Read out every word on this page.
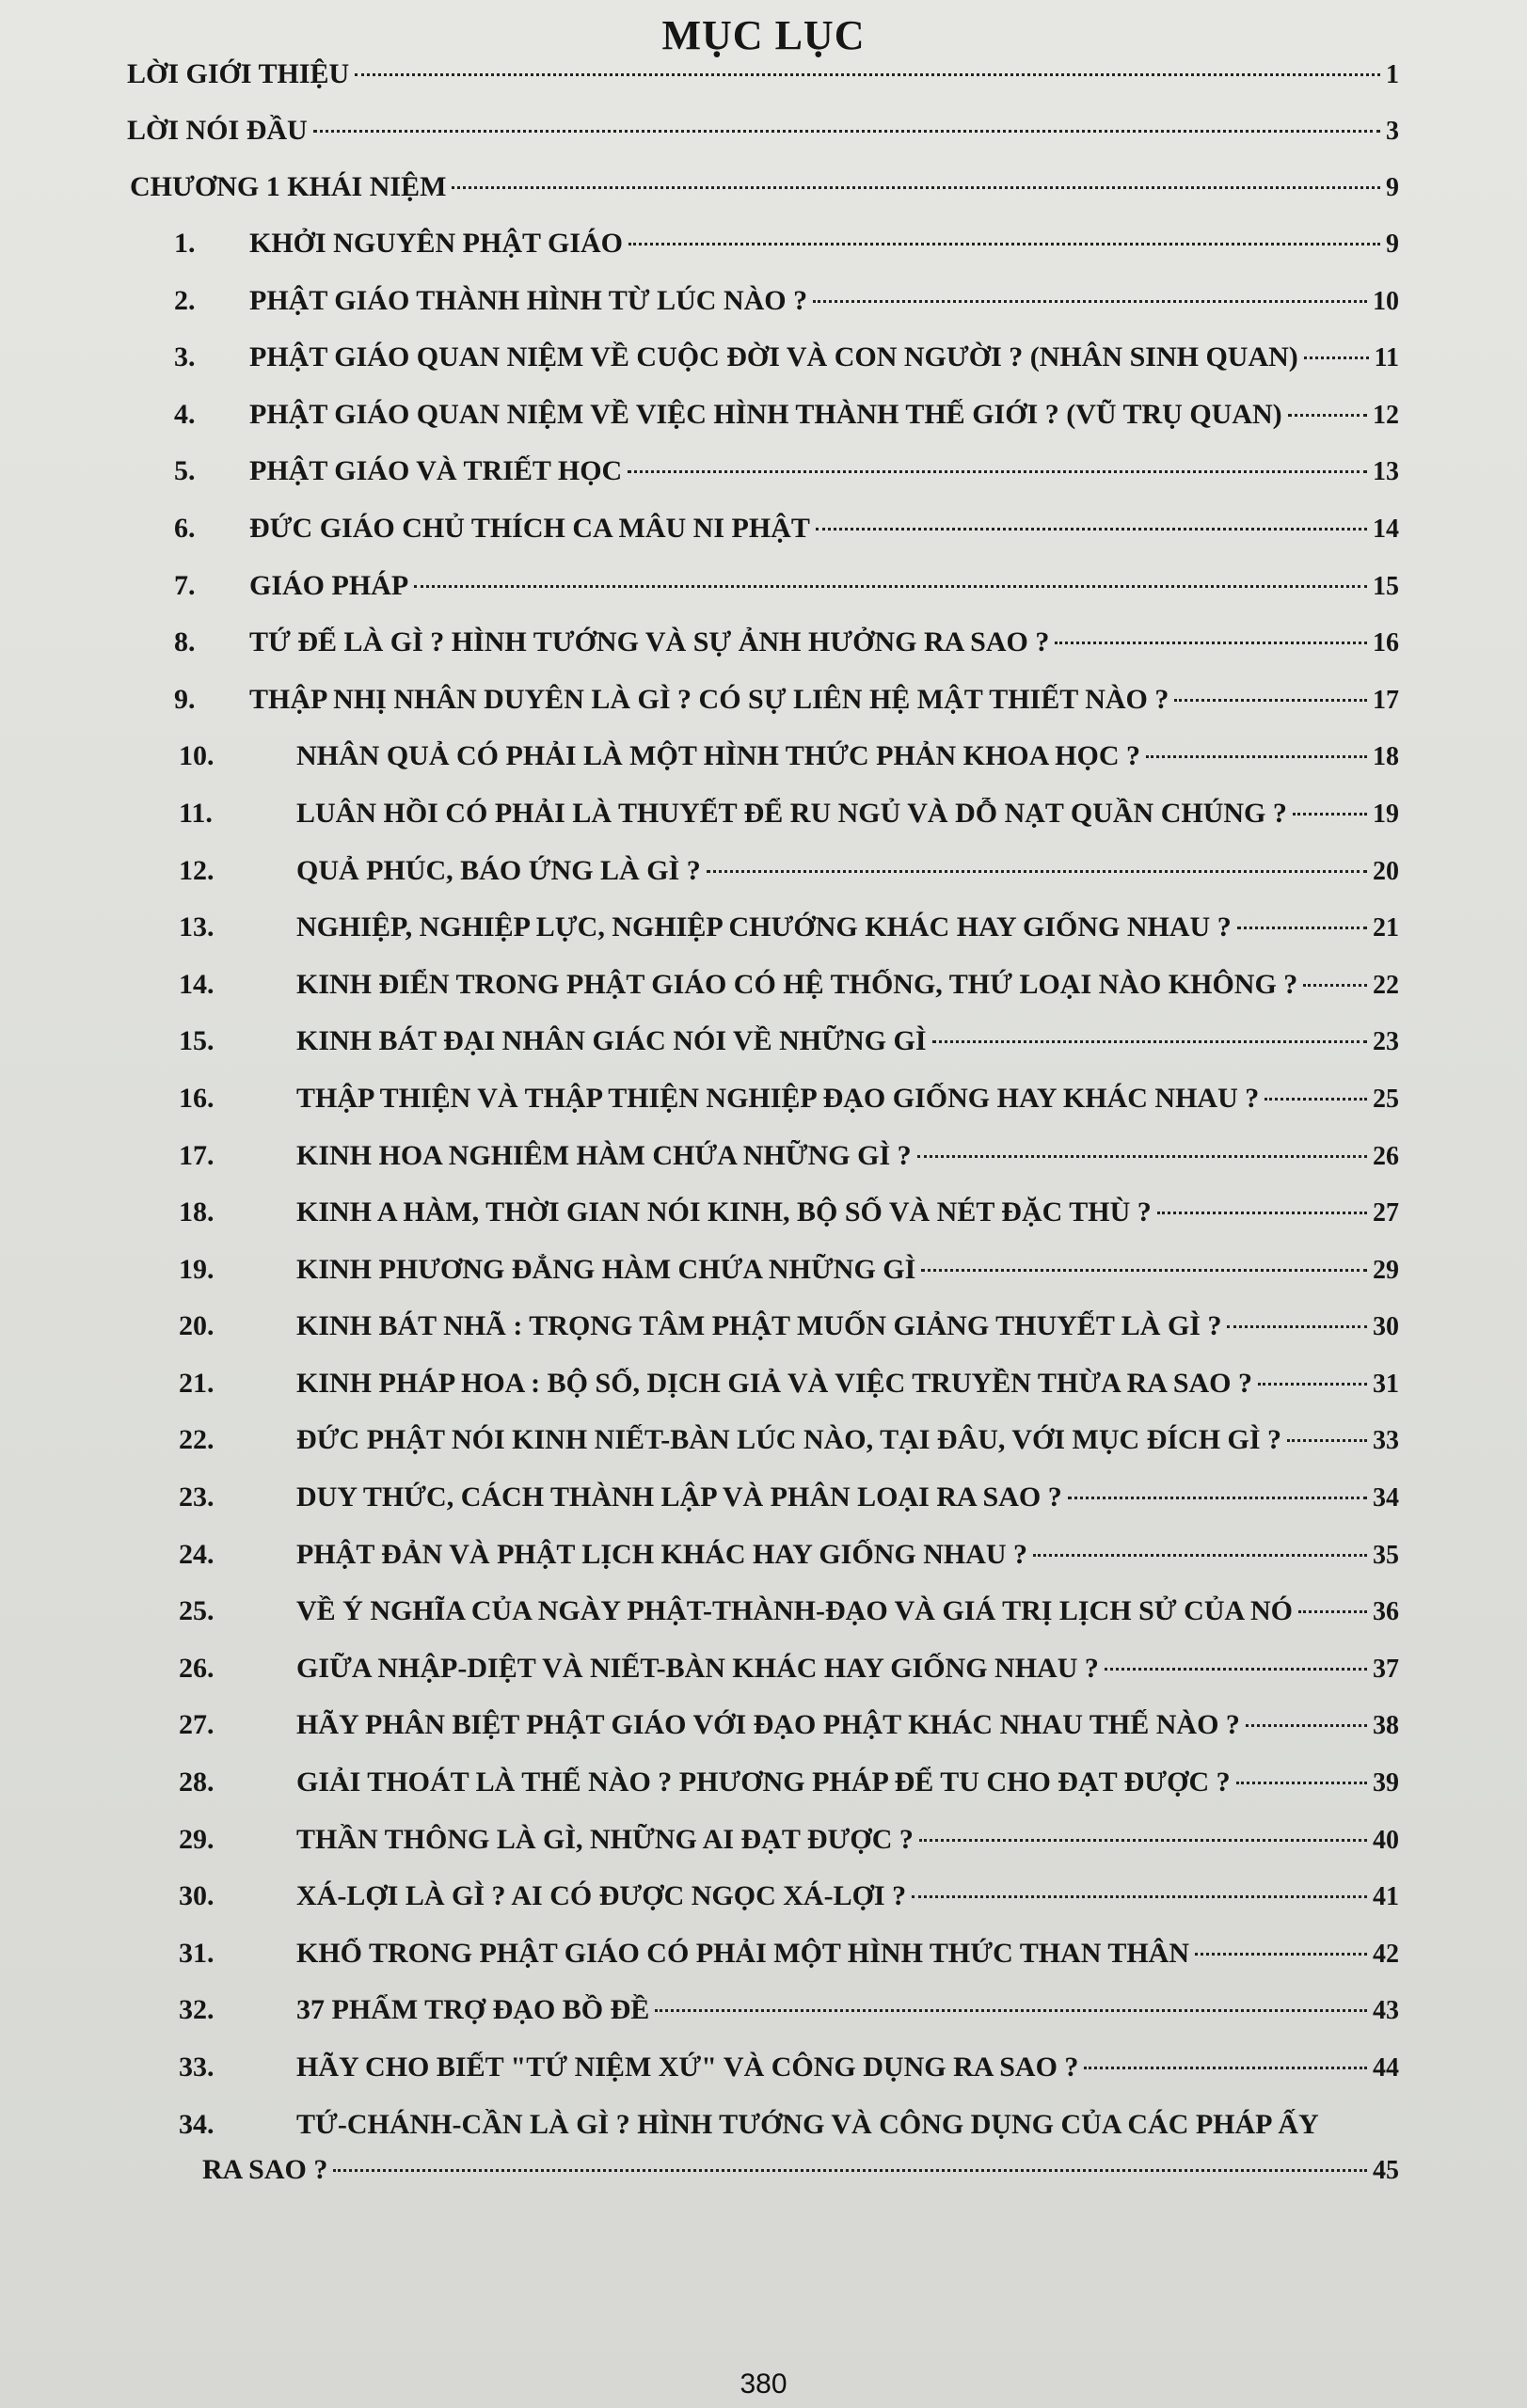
MỤC LỤC
LỜI GIỚI THIỆU	1
LỜI NÓI ĐẦU	3
CHƯƠNG 1 KHÁI NIỆM	9
1.	KHỞI NGUYÊN PHẬT GIÁO	9
2.	PHẬT GIÁO THÀNH HÌNH TỪ LÚC NÀO ?	10
3.	PHẬT GIÁO QUAN NIỆM VỀ CUỘC ĐỜI VÀ CON NGƯỜI ? (NHÂN SINH QUAN)	11
4.	PHẬT GIÁO QUAN NIỆM VỀ VIỆC HÌNH THÀNH THẾ GIỚI ? (VŨ TRỤ QUAN)	12
5.	PHẬT GIÁO VÀ TRIẾT HỌC	13
6.	ĐỨC GIÁO CHỦ THÍCH CA MÂU NI PHẬT	14
7.	GIÁO PHÁP	15
8.	TỨ ĐẾ LÀ GÌ ? HÌNH TƯỚNG VÀ SỰ ẢNH HƯỞNG RA SAO ?	16
9.	THẬP NHỊ NHÂN DUYÊN LÀ GÌ ? CÓ SỰ LIÊN HỆ MẬT THIẾT NÀO ?	17
10.	NHÂN QUẢ CÓ PHẢI LÀ MỘT HÌNH THỨC PHẢN KHOA HỌC ?	18
11.	LUÂN HỒI CÓ PHẢI LÀ THUYẾT ĐỂ RU NGỦ VÀ DỖ NẠT QUẦN CHÚNG ?	19
12.	QUẢ PHÚC, BÁO ỨNG LÀ GÌ ?	20
13.	NGHIỆP, NGHIỆP LỰC, NGHIỆP CHƯỚNG KHÁC HAY GIỐNG NHAU ?	21
14.	KINH ĐIỂN TRONG PHẬT GIÁO CÓ HỆ THỐNG, THỨ LOẠI NÀO KHÔNG ?	22
15.	KINH BÁT ĐẠI NHÂN GIÁC NÓI VỀ NHỮNG GÌ	23
16.	THẬP THIỆN VÀ THẬP THIỆN NGHIỆP ĐẠO GIỐNG HAY KHÁC NHAU ?	25
17.	KINH HOA NGHIÊM HÀM CHỨA NHỮNG GÌ ?	26
18.	KINH A HÀM, THỜI GIAN NÓI KINH, BỘ SỐ VÀ NÉT ĐẶC THÙ ?	27
19.	KINH PHƯƠNG ĐẲNG HÀM CHỨA NHỮNG GÌ	29
20.	KINH BÁT NHÃ : TRỌNG TÂM PHẬT MUỐN GIẢNG THUYẾT LÀ GÌ ?	30
21.	KINH PHÁP HOA : BỘ SỐ, DỊCH GIẢ VÀ VIỆC TRUYỀN THỪA RA SAO ?	31
22.	ĐỨC PHẬT NÓI KINH NIẾT-BÀN LÚC NÀO, TẠI ĐÂU, VỚI MỤC ĐÍCH GÌ ?	33
23.	DUY THỨC, CÁCH THÀNH LẬP VÀ PHÂN LOẠI RA SAO ?	34
24.	PHẬT ĐẢN VÀ PHẬT LỊCH KHÁC HAY GIỐNG NHAU ?	35
25.	VỀ Ý NGHĨA CỦA NGÀY PHẬT-THÀNH-ĐẠO VÀ GIÁ TRỊ LỊCH SỬ CỦA NÓ	36
26.	GIỮA NHẬP-DIỆT VÀ NIẾT-BÀN KHÁC HAY GIỐNG NHAU ?	37
27.	HÃY PHÂN BIỆT PHẬT GIÁO VỚI ĐẠO PHẬT KHÁC NHAU THẾ NÀO ?	38
28.	GIẢI THOÁT LÀ THẾ NÀO ? PHƯƠNG PHÁP ĐỂ TU CHO ĐẠT ĐƯỢC ?	39
29.	THẦN THÔNG LÀ GÌ, NHỮNG AI ĐẠT ĐƯỢC ?	40
30.	XÁ-LỢI LÀ GÌ ? AI CÓ ĐƯỢC NGỌC XÁ-LỢI ?	41
31.	KHỔ TRONG PHẬT GIÁO CÓ PHẢI MỘT HÌNH THỨC THAN THÂN	42
32.	37 PHẨM TRỢ ĐẠO BỒ ĐỀ	43
33.	HÃY CHO BIẾT "TỨ NIỆM XỨ" VÀ CÔNG DỤNG RA SAO ?	44
34.	TỨ-CHÁNH-CẦN LÀ GÌ ? HÌNH TƯỚNG VÀ CÔNG DỤNG CỦA CÁC PHÁP ẤY
RA SAO ?	45
380
